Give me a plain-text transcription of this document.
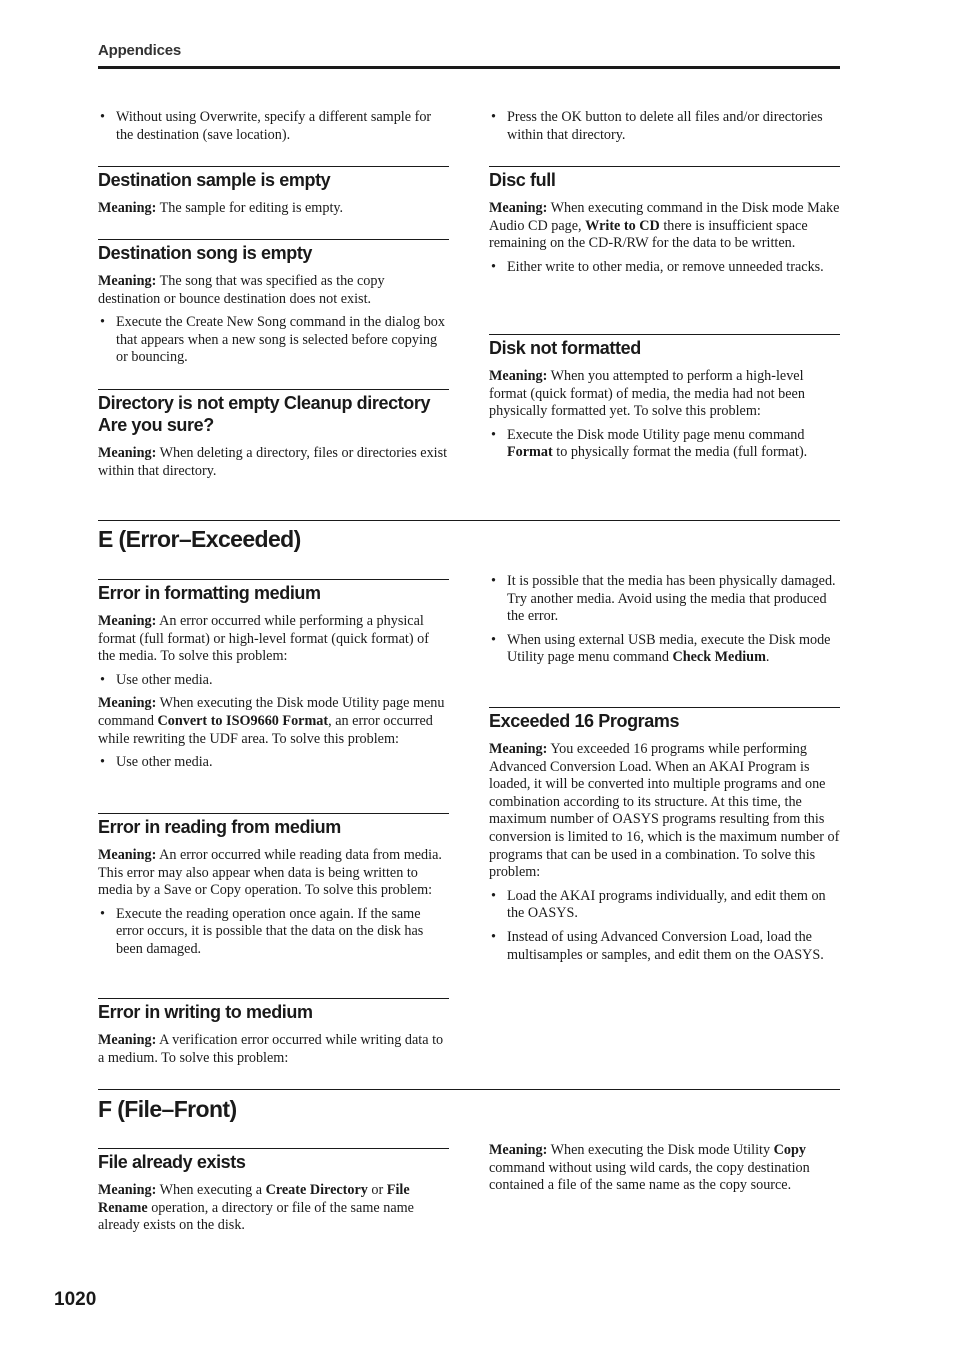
Appendices

• Without using Overwrite, specify a different sample for the destination (save location).

Destination sample is empty

Meaning: The sample for editing is empty.

Destination song is empty

Meaning: The song that was specified as the copy destination or bounce destination does not exist.

• Execute the Create New Song command in the dialog box that appears when a new song is selected before copying or bouncing.

Directory is not empty Cleanup directory Are you sure?

Meaning: When deleting a directory, files or directories exist within that directory.

• Press the OK button to delete all files and/or directories within that directory.

Disc full

Meaning: When executing command in the Disk mode Make Audio CD page, Write to CD there is insufficient space remaining on the CD-R/RW for the data to be written.

• Either write to other media, or remove unneeded tracks.

Disk not formatted

Meaning: When you attempted to perform a high-level format (quick format) of media, the media had not been physically formatted yet. To solve this problem:

• Execute the Disk mode Utility page menu command Format to physically format the media (full format).

E (Error–Exceeded)

Error in formatting medium

Meaning: An error occurred while performing a physical format (full format) or high-level format (quick format) of the media. To solve this problem:

• Use other media.

Meaning: When executing the Disk mode Utility page menu command Convert to ISO9660 Format, an error occurred while rewriting the UDF area. To solve this problem:

• Use other media.

Error in reading from medium

Meaning: An error occurred while reading data from media. This error may also appear when data is being written to media by a Save or Copy operation. To solve this problem:

• Execute the reading operation once again. If the same error occurs, it is possible that the data on the disk has been damaged.

Error in writing to medium

Meaning: A verification error occurred while writing data to a medium. To solve this problem:

• It is possible that the media has been physically damaged. Try another media. Avoid using the media that produced the error.

• When using external USB media, execute the Disk mode Utility page menu command Check Medium.

Exceeded 16 Programs

Meaning: You exceeded 16 programs while performing Advanced Conversion Load. When an AKAI Program is loaded, it will be converted into multiple programs and one combination according to its structure. At this time, the maximum number of OASYS programs resulting from this conversion is limited to 16, which is the maximum number of programs that can be used in a combination. To solve this problem:

• Load the AKAI programs individually, and edit them on the OASYS.

• Instead of using Advanced Conversion Load, load the multisamples or samples, and edit them on the OASYS.

F (File–Front)

File already exists

Meaning: When executing a Create Directory or File Rename operation, a directory or file of the same name already exists on the disk.

Meaning: When executing the Disk mode Utility Copy command without using wild cards, the copy destination contained a file of the same name as the copy source.

1020
